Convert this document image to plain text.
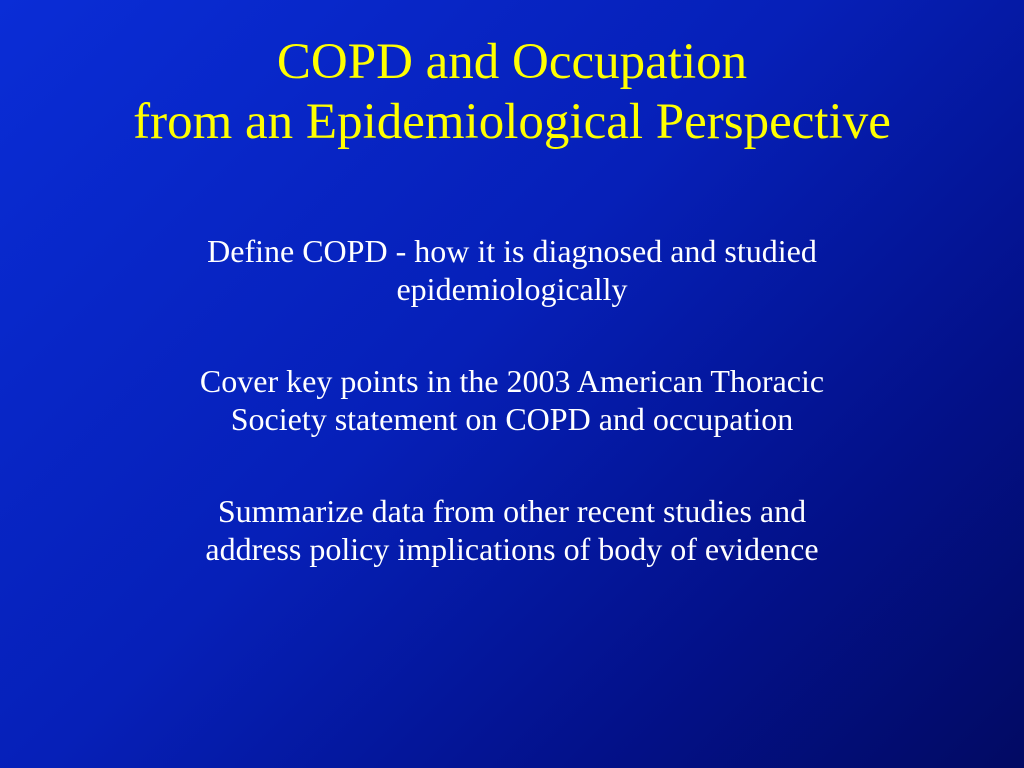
COPD and Occupation
from an Epidemiological Perspective
Define COPD - how it is diagnosed and studied
epidemiologically
Cover key points in the 2003 American Thoracic
Society statement on COPD and occupation
Summarize data from other recent studies and
address policy implications of body of evidence
